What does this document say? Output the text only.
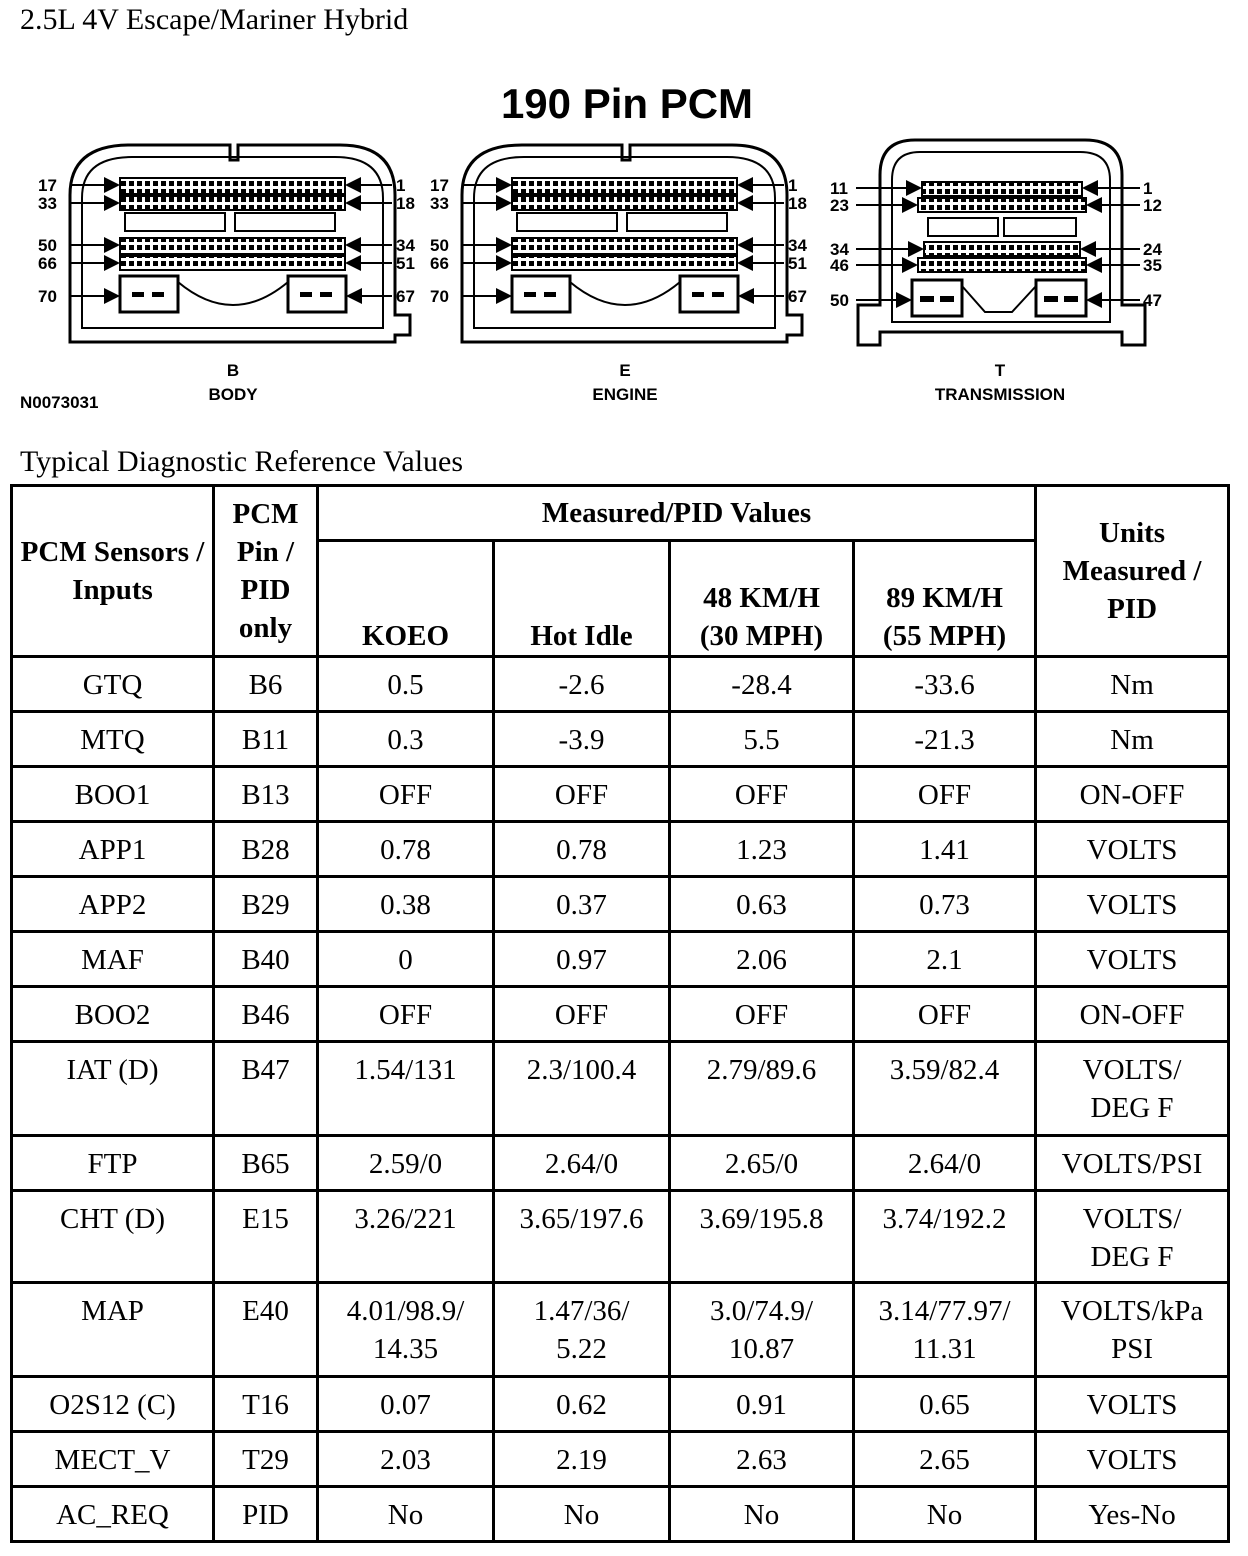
2.5L 4V Escape/Mariner Hybrid
190 Pin PCM
17
33
50
66
70
1
18
34
51
67
B
BODY
17
33
50
66
70
1
18
34
51
67
E
ENGINE
11
23
34
46
50
1
12
24
35
47
T
TRANSMISSION
N0073031
Typical Diagnostic Reference Values
PCM Sensors / Inputs	PCM Pin / PID only	Measured/PID Values				Units Measured / PID
		KOEO	Hot Idle	48 KM/H
(30 MPH)	89 KM/H
(55 MPH)	
GTQ	B6	0.5	-2.6	-28.4	-33.6	Nm
MTQ	B11	0.3	-3.9	5.5	-21.3	Nm
BOO1	B13	OFF	OFF	OFF	OFF	ON-OFF
APP1	B28	0.78	0.78	1.23	1.41	VOLTS
APP2	B29	0.38	0.37	0.63	0.73	VOLTS
MAF	B40	0	0.97	2.06	2.1	VOLTS
BOO2	B46	OFF	OFF	OFF	OFF	ON-OFF
IAT (D)	B47	1.54/131	2.3/100.4	2.79/89.6	3.59/82.4	VOLTS/
DEG F
FTP	B65	2.59/0	2.64/0	2.65/0	2.64/0	VOLTS/PSI
CHT (D)	E15	3.26/221	3.65/197.6	3.69/195.8	3.74/192.2	VOLTS/
DEG F
MAP	E40	4.01/98.9/
14.35	1.47/36/
5.22	3.0/74.9/
10.87	3.14/77.97/
11.31	VOLTS/kPa
PSI
O2S12 (C)	T16	0.07	0.62	0.91	0.65	VOLTS
MECT_V	T29	2.03	2.19	2.63	2.65	VOLTS
AC_REQ	PID	No	No	No	No	Yes-No
